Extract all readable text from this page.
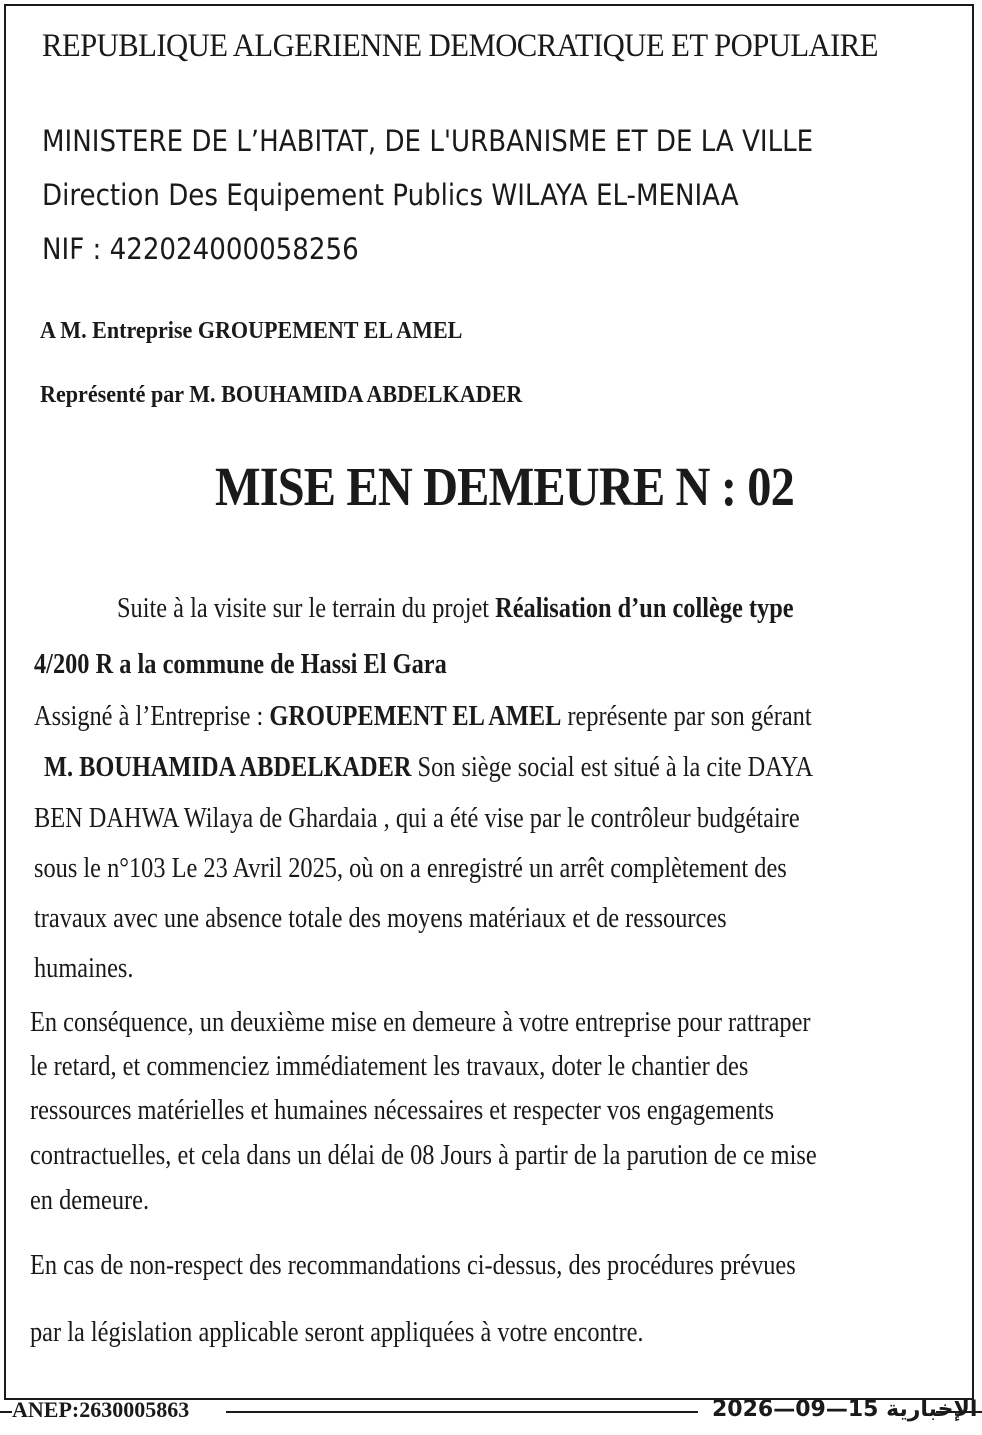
REPUBLIQUE ALGERIENNE DEMOCRATIQUE ET POPULAIRE
MINISTERE DE L’HABITAT, DE L'URBANISME ET DE LA VILLE
Direction Des Equipement Publics WILAYA EL-MENIAA
NIF : 422024000058256
A M. Entreprise GROUPEMENT EL AMEL
Représenté par M. BOUHAMIDA ABDELKADER
MISE EN DEMEURE N : 02
Suite à la visite sur le terrain du projet Réalisation d’un collège type
4/200 R a la commune de Hassi El Gara
Assigné à l’Entreprise : GROUPEMENT EL AMEL représente par son gérant
M. BOUHAMIDA ABDELKADER Son siège social est situé à la cite DAYA
BEN DAHWA Wilaya de Ghardaia , qui a été vise par le contrôleur budgétaire
sous le n°103 Le 23 Avril 2025, où on a enregistré un arrêt complètement des
travaux avec une absence totale des moyens matériaux et de ressources
humaines.
En conséquence, un deuxième mise en demeure à votre entreprise pour rattraper
le retard, et commenciez immédiatement les travaux, doter le chantier des
ressources matérielles et humaines nécessaires et respecter vos engagements
contractuelles, et cela dans un délai de 08 Jours à partir de la parution de ce mise
en demeure.
En cas de non-respect des recommandations ci-dessus, des procédures prévues
par la législation applicable seront appliquées à votre encontre.
ANEP:2630005863	2026—09—15 الإخبارية
